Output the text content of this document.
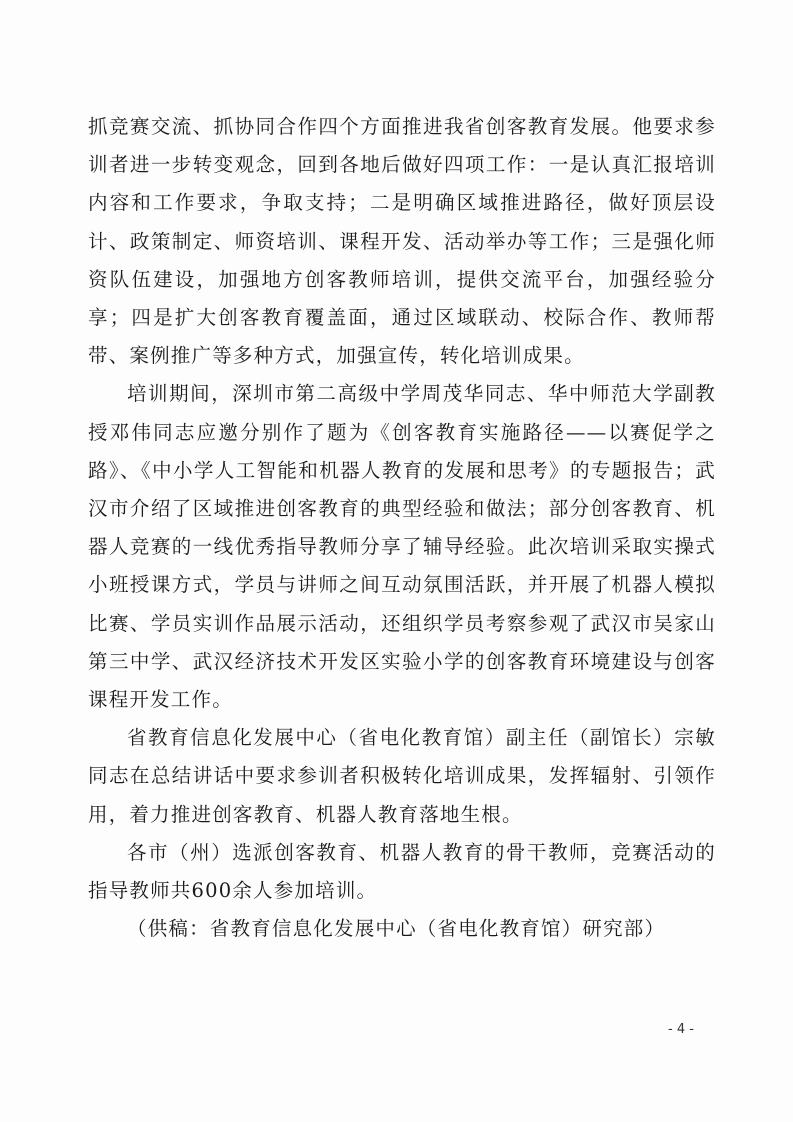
抓竞赛交流、抓协同合作四个方面推进我省创客教育发展。他要求参训者进一步转变观念，回到各地后做好四项工作：一是认真汇报培训内容和工作要求，争取支持；二是明确区域推进路径，做好顶层设计、政策制定、师资培训、课程开发、活动举办等工作；三是强化师资队伍建设，加强地方创客教师培训，提供交流平台，加强经验分享；四是扩大创客教育覆盖面，通过区域联动、校际合作、教师帮带、案例推广等多种方式，加强宣传，转化培训成果。

培训期间，深圳市第二高级中学周茂华同志、华中师范大学副教授邓伟同志应邀分别作了题为《创客教育实施路径——以赛促学之路》、《中小学人工智能和机器人教育的发展和思考》的专题报告；武汉市介绍了区域推进创客教育的典型经验和做法；部分创客教育、机器人竞赛的一线优秀指导教师分享了辅导经验。此次培训采取实操式小班授课方式，学员与讲师之间互动氛围活跃，并开展了机器人模拟比赛、学员实训作品展示活动，还组织学员考察参观了武汉市吴家山第三中学、武汉经济技术开发区实验小学的创客教育环境建设与创客课程开发工作。

省教育信息化发展中心（省电化教育馆）副主任（副馆长）宗敏同志在总结讲话中要求参训者积极转化培训成果，发挥辐射、引领作用，着力推进创客教育、机器人教育落地生根。

各市（州）选派创客教育、机器人教育的骨干教师，竞赛活动的指导教师共600余人参加培训。

（供稿：省教育信息化发展中心（省电化教育馆）研究部）

- 4 -
